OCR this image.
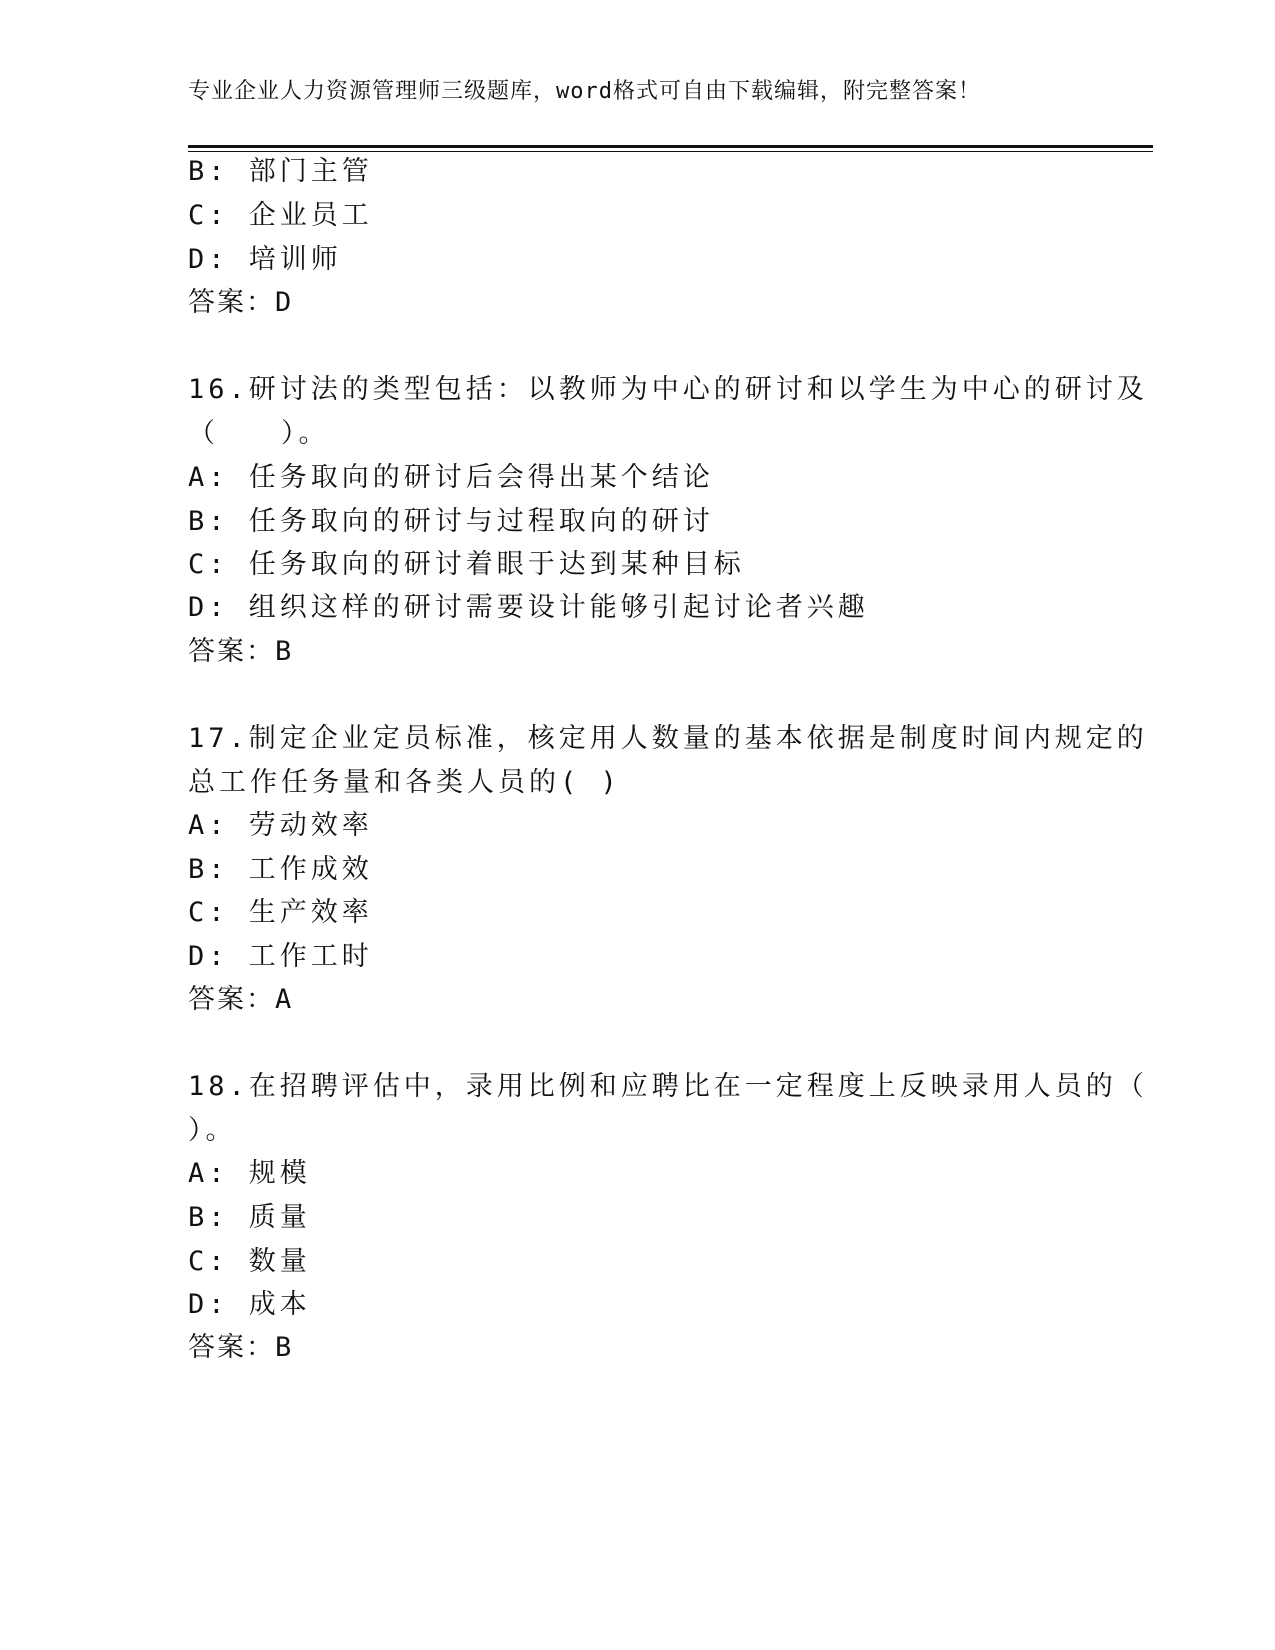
专业企业人力资源管理师三级题库，word格式可自由下载编辑，附完整答案！
B: 部门主管
C: 企业员工
D: 培训师
答案：D
16.研讨法的类型包括：以教师为中心的研讨和以学生为中心的研讨及
（　　）。
A: 任务取向的研讨后会得出某个结论
B: 任务取向的研讨与过程取向的研讨
C: 任务取向的研讨着眼于达到某种目标
D: 组织这样的研讨需要设计能够引起讨论者兴趣
答案：B
17.制定企业定员标准，核定用人数量的基本依据是制度时间内规定的
总工作任务量和各类人员的( )
A: 劳动效率
B: 工作成效
C: 生产效率
D: 工作工时
答案：A
18.在招聘评估中，录用比例和应聘比在一定程度上反映录用人员的（
）。
A: 规模
B: 质量
C: 数量
D: 成本
答案：B
